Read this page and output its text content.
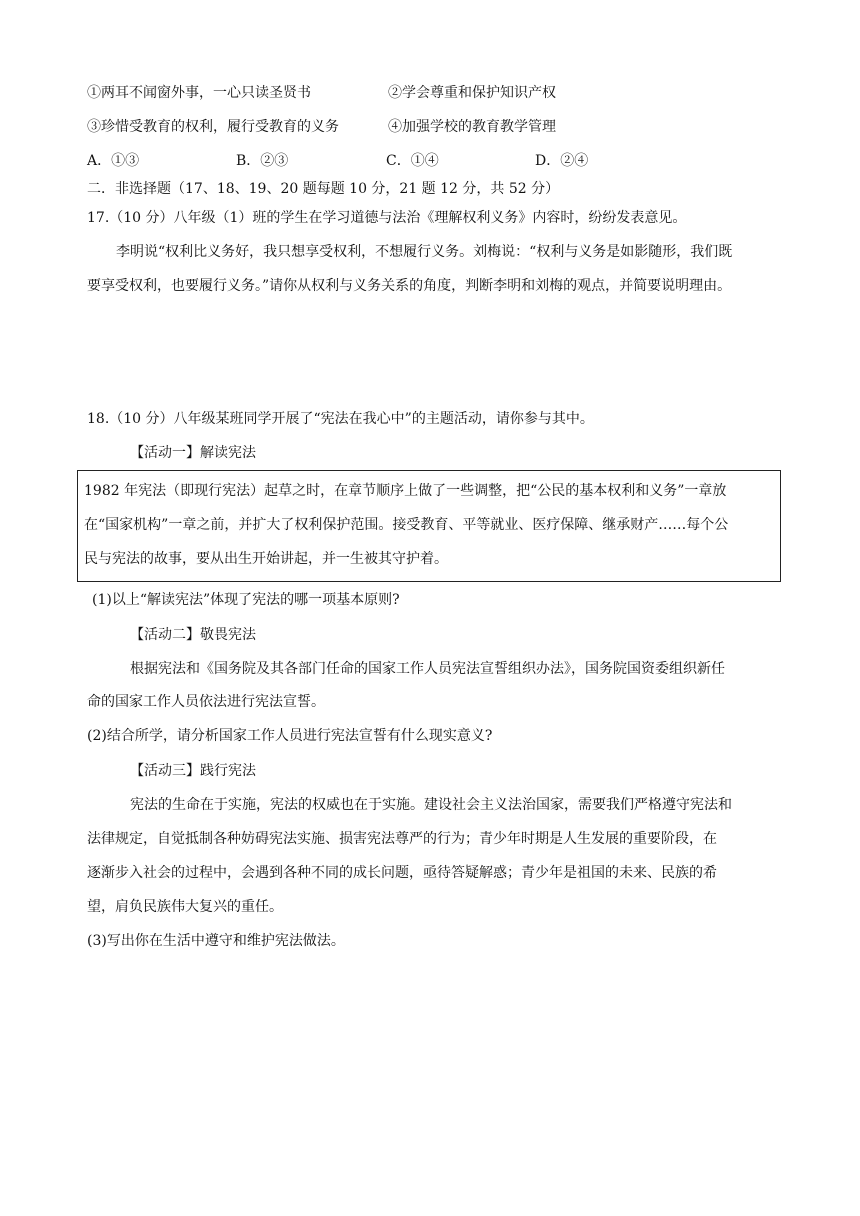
①两耳不闻窗外事，一心只读圣贤书	②学会尊重和保护知识产权
③珍惜受教育的权利，履行受教育的义务	④加强学校的教育教学管理
A．①③	B．②③	C．①④	D．②④
二．非选择题（17、18、19、20 题每题 10 分，21 题 12 分，共 52 分）
17.（10 分）八年级（1）班的学生在学习道德与法治《理解权利义务》内容时，纷纷发表意见。
李明说“权利比义务好，我只想享受权利，不想履行义务。刘梅说：“权利与义务是如影随形，我们既
要享受权利，也要履行义务。”请你从权利与义务关系的角度，判断李明和刘梅的观点，并简要说明理由。
18.（10 分）八年级某班同学开展了“宪法在我心中”的主题活动，请你参与其中。
【活动一】解读宪法
1982 年宪法（即现行宪法）起草之时，在章节顺序上做了一些调整，把“公民的基本权利和义务”一章放
在“国家机构”一章之前，并扩大了权利保护范围。接受教育、平等就业、医疗保障、继承财产……每个公
民与宪法的故事，要从出生开始讲起，并一生被其守护着。
(1)以上“解读宪法”体现了宪法的哪一项基本原则?
【活动二】敬畏宪法
根据宪法和《国务院及其各部门任命的国家工作人员宪法宣誓组织办法》，国务院国资委组织新任
命的国家工作人员依法进行宪法宣誓。
(2)结合所学，请分析国家工作人员进行宪法宣誓有什么现实意义?
【活动三】践行宪法
宪法的生命在于实施，宪法的权威也在于实施。建设社会主义法治国家，需要我们严格遵守宪法和
法律规定，自觉抵制各种妨碍宪法实施、损害宪法尊严的行为；青少年时期是人生发展的重要阶段，在
逐渐步入社会的过程中，会遇到各种不同的成长问题，亟待答疑解惑；青少年是祖国的未来、民族的希
望，肩负民族伟大复兴的重任。
(3)写出你在生活中遵守和维护宪法做法。
